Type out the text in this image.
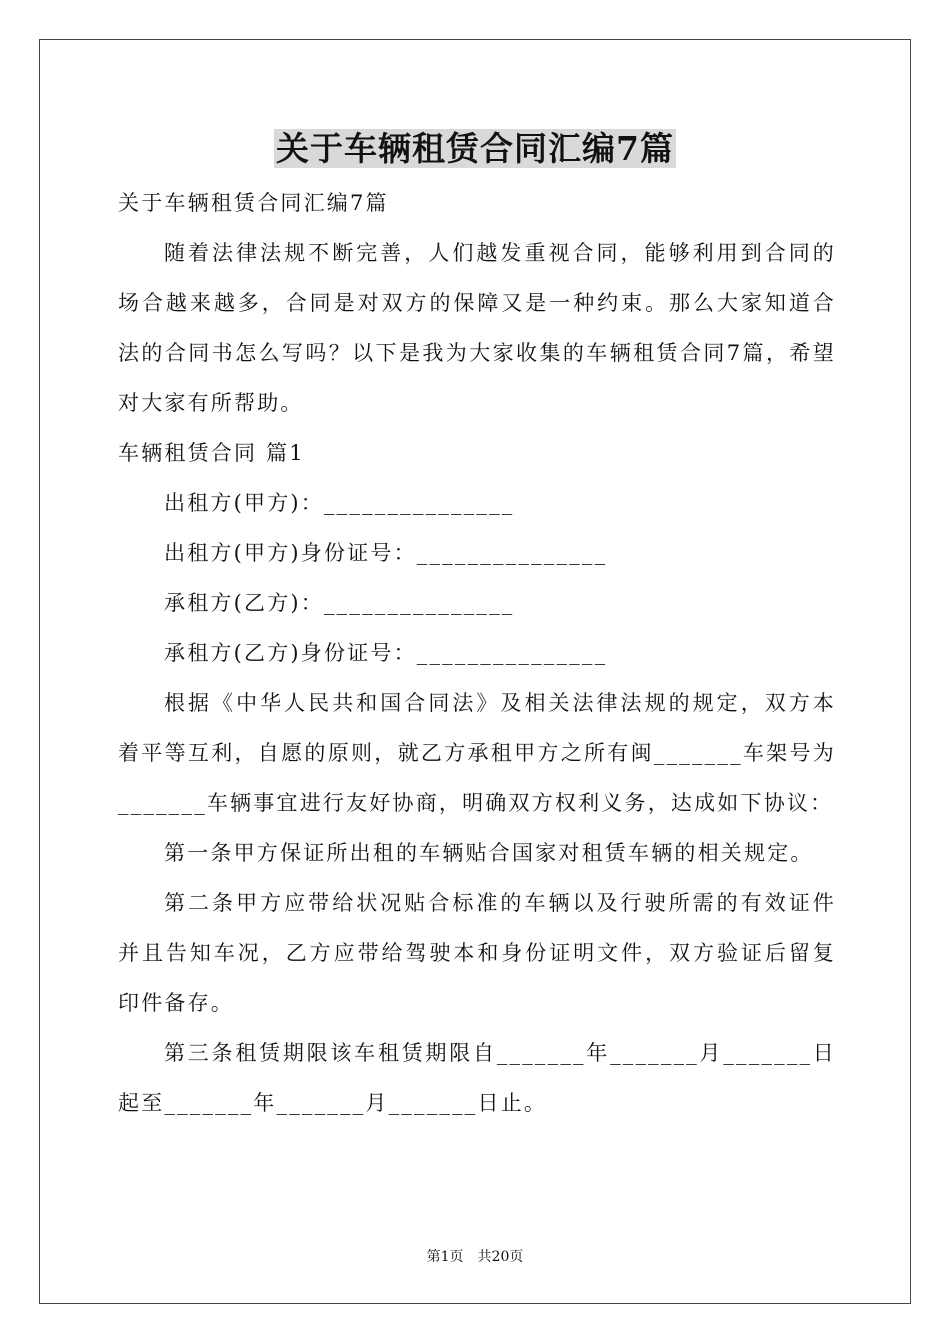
关于车辆租赁合同汇编7篇

关于车辆租赁合同汇编7篇

随着法律法规不断完善，人们越发重视合同，能够利用到合同的场合越来越多，合同是对双方的保障又是一种约束。那么大家知道合法的合同书怎么写吗？以下是我为大家收集的车辆租赁合同7篇，希望对大家有所帮助。

车辆租赁合同 篇1

出租方(甲方)：_______________

出租方(甲方)身份证号：_______________

承租方(乙方)：_______________

承租方(乙方)身份证号：_______________

根据《中华人民共和国合同法》及相关法律法规的规定，双方本着平等互利，自愿的原则，就乙方承租甲方之所有闽_______车架号为_______车辆事宜进行友好协商，明确双方权利义务，达成如下协议：

第一条甲方保证所出租的车辆贴合国家对租赁车辆的相关规定。

第二条甲方应带给状况贴合标准的车辆以及行驶所需的有效证件并且告知车况，乙方应带给驾驶本和身份证明文件，双方验证后留复印件备存。

第三条租赁期限该车租赁期限自_______年_______月_______日起至_______年_______月_______日止。

第1页　共20页
